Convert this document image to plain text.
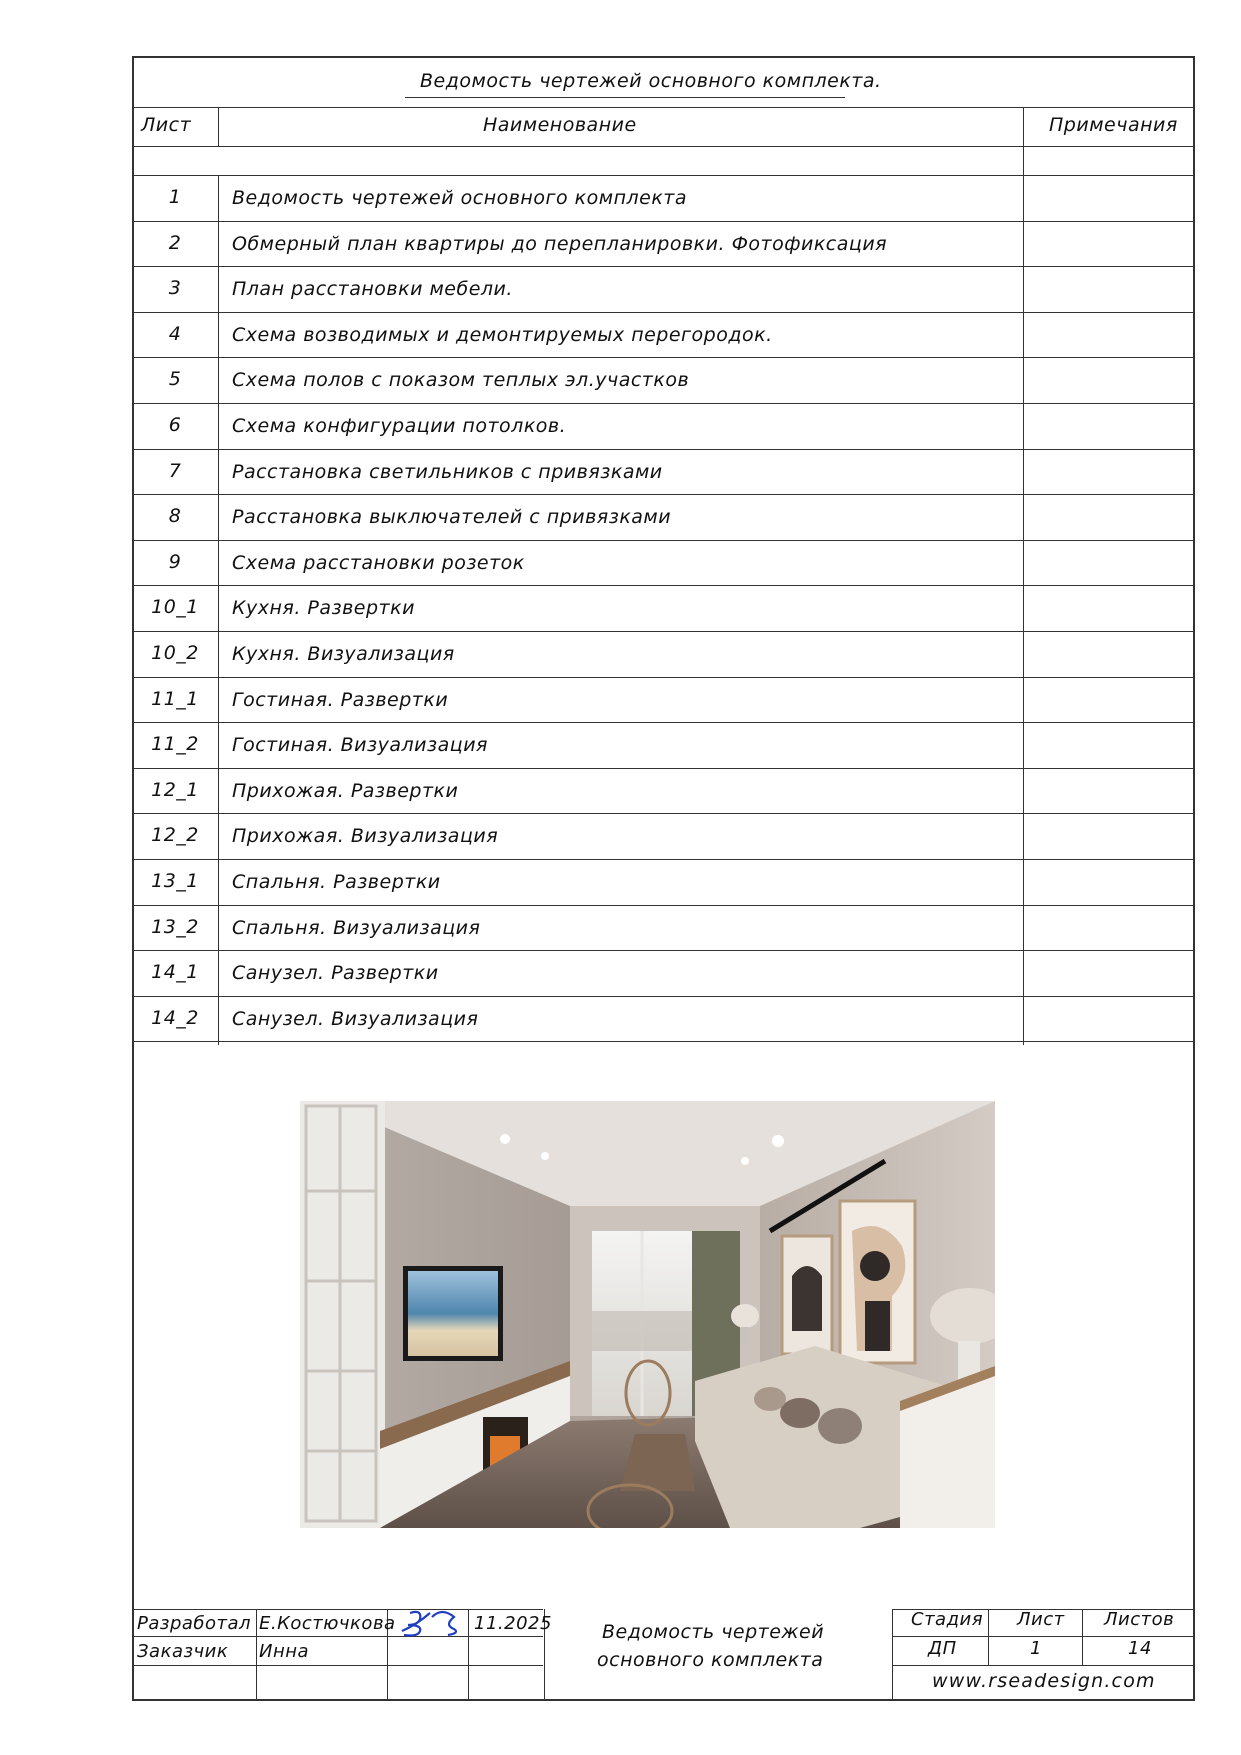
Ведомость чертежей основного комплекта.
Лист	Наименование	Примечания
1	Ведомость чертежей основного комплекта
2	Обмерный план квартиры до перепланировки. Фотофиксация
3	План расстановки мебели.
4	Схема возводимых и демонтируемых перегородок.
5	Схема полов с показом теплых эл.участков
6	Схема конфигурации потолков.
7	Расстановка светильников с привязками
8	Расстановка выключателей с привязками
9	Схема расстановки розеток
10_1	Кухня. Развертки
10_2	Кухня. Визуализация
11_1	Гостиная. Развертки
11_2	Гостиная. Визуализация
12_1	Прихожая. Развертки
12_2	Прихожая. Визуализация
13_1	Спальня. Развертки
13_2	Спальня. Визуализация
14_1	Санузел. Развертки
14_2	Санузел. Визуализация
Разработал Е.Костючкова	11.2025
Заказчик Инна
Ведомость чертежей
основного комплекта
Стадия Лист Листов
ДП	1	14
www.rseadesign.com
